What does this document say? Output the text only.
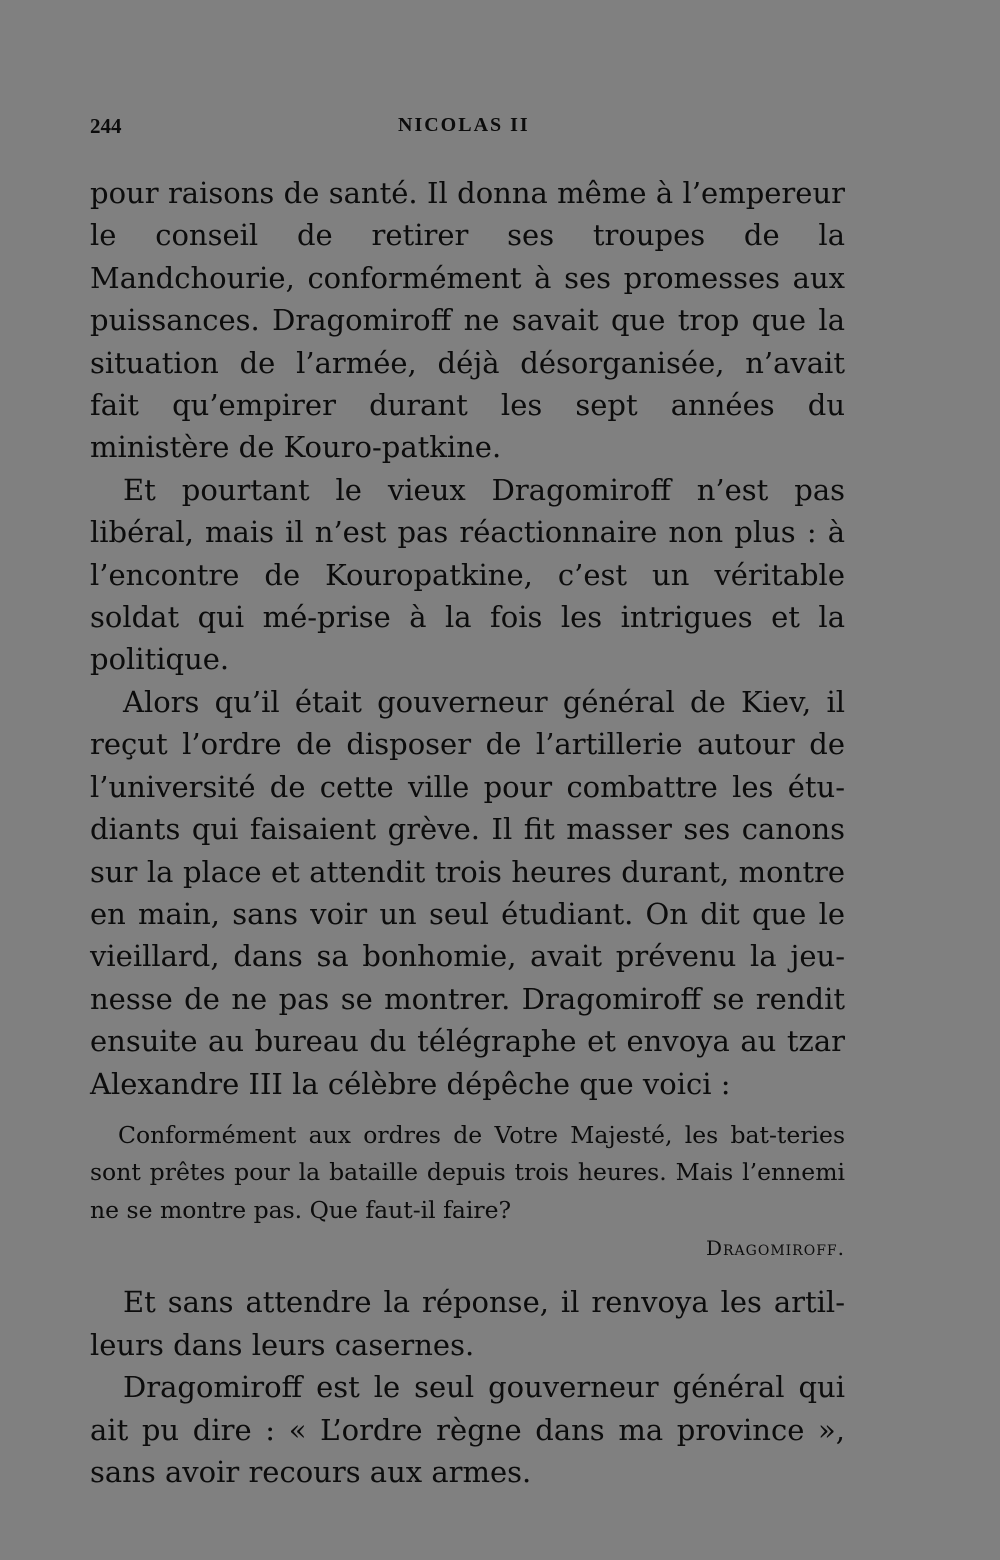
244	NICOLAS II

pour raisons de santé. Il donna même à l’empereur le conseil de retirer ses troupes de la Mandchourie, conformément à ses promesses aux puissances. Dragomiroff ne savait que trop que la situation de l’armée, déjà désorganisée, n’avait fait qu’empirer durant les sept années du ministère de Kouro-patkine.

Et pourtant le vieux Dragomiroff n’est pas libéral, mais il n’est pas réactionnaire non plus : à l’encontre de Kouropatkine, c’est un véritable soldat qui mé-prise à la fois les intrigues et la politique.

Alors qu’il était gouverneur général de Kiev, il reçut l’ordre de disposer de l’artillerie autour de l’université de cette ville pour combattre les étu-diants qui faisaient grève. Il fit masser ses canons sur la place et attendit trois heures durant, montre en main, sans voir un seul étudiant. On dit que le vieillard, dans sa bonhomie, avait prévenu la jeu-nesse de ne pas se montrer. Dragomiroff se rendit ensuite au bureau du télégraphe et envoya au tzar Alexandre III la célèbre dépêche que voici :

Conformément aux ordres de Votre Majesté, les bat-teries sont prêtes pour la bataille depuis trois heures. Mais l’ennemi ne se montre pas. Que faut-il faire?

Dragomiroff.

Et sans attendre la réponse, il renvoya les artil-leurs dans leurs casernes.

Dragomiroff est le seul gouverneur général qui ait pu dire : « L’ordre règne dans ma province », sans avoir recours aux armes.
